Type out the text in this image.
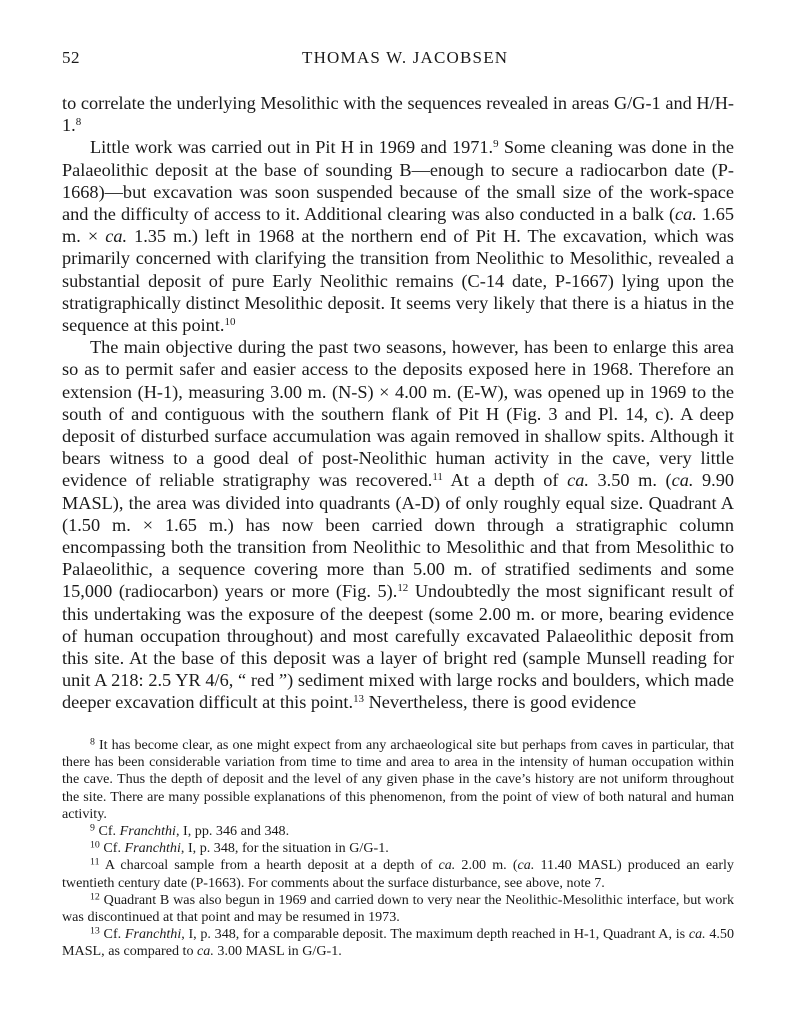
52	THOMAS W. JACOBSEN

to correlate the underlying Mesolithic with the sequences revealed in areas G/G-1 and H/H-1.$^8$

Little work was carried out in Pit H in 1969 and 1971.$^9$ Some cleaning was done in the Palaeolithic deposit at the base of sounding B—enough to secure a radiocarbon date (P-1668)—but excavation was soon suspended because of the small size of the work-space and the difficulty of access to it. Additional clearing was also conducted in a balk (ca. 1.65 m. × ca. 1.35 m.) left in 1968 at the northern end of Pit H. The excavation, which was primarily concerned with clarifying the transition from Neolithic to Mesolithic, revealed a substantial deposit of pure Early Neolithic remains (C-14 date, P-1667) lying upon the stratigraphically distinct Mesolithic deposit. It seems very likely that there is a hiatus in the sequence at this point.$^{10}$

The main objective during the past two seasons, however, has been to enlarge this area so as to permit safer and easier access to the deposits exposed here in 1968. Therefore an extension (H-1), measuring 3.00 m. (N-S) × 4.00 m. (E-W), was opened up in 1969 to the south of and contiguous with the southern flank of Pit H (Fig. 3 and Pl. 14, c). A deep deposit of disturbed surface accumulation was again removed in shallow spits. Although it bears witness to a good deal of post-Neolithic human activity in the cave, very little evidence of reliable stratigraphy was recovered.$^{11}$ At a depth of ca. 3.50 m. (ca. 9.90 MASL), the area was divided into quadrants (A-D) of only roughly equal size. Quadrant A (1.50 m. × 1.65 m.) has now been carried down through a stratigraphic column encompassing both the transition from Neolithic to Mesolithic and that from Mesolithic to Palaeolithic, a sequence covering more than 5.00 m. of stratified sediments and some 15,000 (radiocarbon) years or more (Fig. 5).$^{12}$ Undoubtedly the most significant result of this undertaking was the exposure of the deepest (some 2.00 m. or more, bearing evidence of human occupation throughout) and most carefully excavated Palaeolithic deposit from this site. At the base of this deposit was a layer of bright red (sample Munsell reading for unit A 218: 2.5 YR 4/6, “ red ”) sediment mixed with large rocks and boulders, which made deeper excavation difficult at this point.$^{13}$ Nevertheless, there is good evidence

$^8$ It has become clear, as one might expect from any archaeological site but perhaps from caves in particular, that there has been considerable variation from time to time and area to area in the intensity of human occupation within the cave. Thus the depth of deposit and the level of any given phase in the cave’s history are not uniform throughout the site. There are many possible explanations of this phenomenon, from the point of view of both natural and human activity.

$^9$ Cf. Franchthi, I, pp. 346 and 348.

$^{10}$ Cf. Franchthi, I, p. 348, for the situation in G/G-1.

$^{11}$ A charcoal sample from a hearth deposit at a depth of ca. 2.00 m. (ca. 11.40 MASL) produced an early twentieth century date (P-1663). For comments about the surface disturbance, see above, note 7.

$^{12}$ Quadrant B was also begun in 1969 and carried down to very near the Neolithic-Mesolithic interface, but work was discontinued at that point and may be resumed in 1973.

$^{13}$ Cf. Franchthi, I, p. 348, for a comparable deposit. The maximum depth reached in H-1, Quadrant A, is ca. 4.50 MASL, as compared to ca. 3.00 MASL in G/G-1.
